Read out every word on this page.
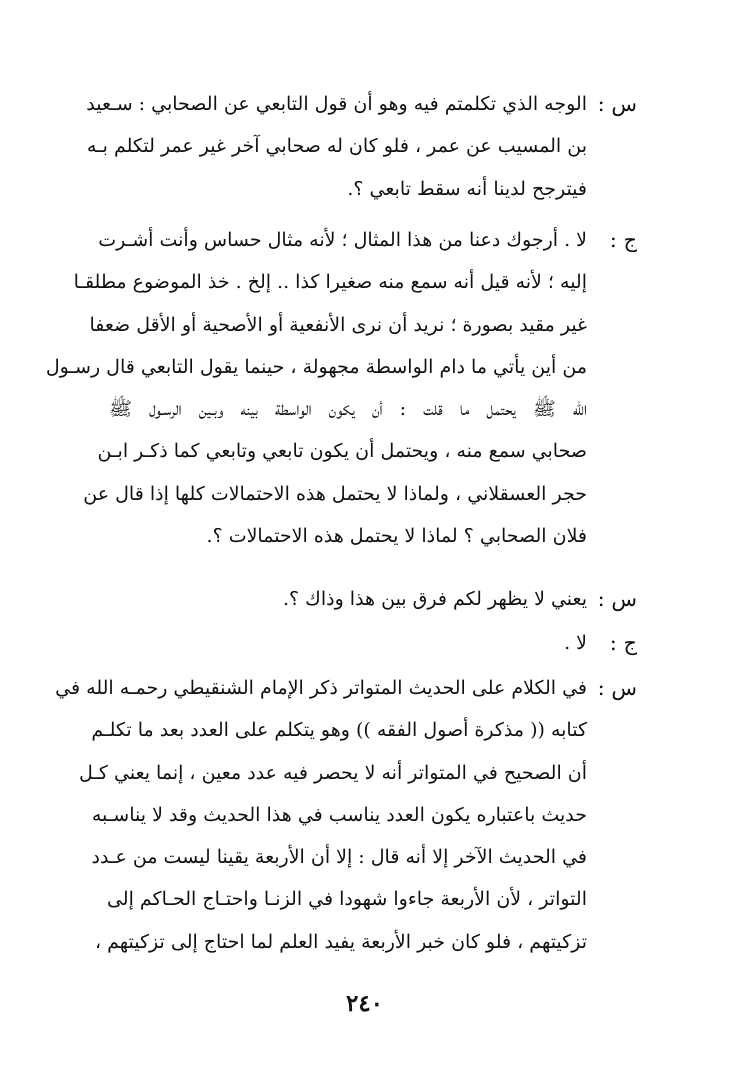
س :
الوجه الذي تكلمتم فيه وهو أن قول التابعي عن الصحابي : سـعيد
بن المسيب عن عمر ، فلو كان له صحابي آخر غير عمر لتكلم بـه
فيترجح لدينا أنه سقط تابعي ؟.
ج :
لا . أرجوك دعنا من هذا المثال ؛ لأنه مثال حساس وأنت أشـرت
إليه ؛ لأنه قيل أنه سمع منه صغيرا كذا .. إلخ . خذ الموضوع مطلقـا
غير مقيد بصورة ؛ نريد أن نرى الأنفعية أو الأصحية أو الأقل ضعفا
من أين يأتي ما دام الواسطة مجهولة ، حينما يقول التابعي قال رسـول
الله ﷺ يحتمل ما قلت : أن يكون الواسطة بينه وبـين الرسـول ﷺ
صحابي سمع منه ، ويحتمل أن يكون تابعي وتابعي كما ذكـر ابـن
حجر العسقلاني ، ولماذا لا يحتمل هذه الاحتمالات كلها إذا قال عن
فلان الصحابي ؟ لماذا لا يحتمل هذه الاحتمالات ؟.
س :
يعني لا يظهر لكم فرق بين هذا وذاك ؟.
ج :
لا .
س :
في الكلام على الحديث المتواتر ذكر الإمام الشنقيطي رحمـه الله في
كتابه (( مذكرة أصول الفقه )) وهو يتكلم على العدد بعد ما تكلـم
أن الصحيح في المتواتر أنه لا يحصر فيه عدد معين ، إنما يعني كـل
حديث باعتباره يكون العدد يناسب في هذا الحديث وقد لا يناسـبه
في الحديث الآخر إلا أنه قال : إلا أن الأربعة يقينا ليست من عـدد
التواتر ، لأن الأربعة جاءوا شهودا في الزنـا واحتـاج الحـاكم إلى
تزكيتهم ، فلو كان خبر الأربعة يفيد العلم لما احتاج إلى تزكيتهم ،
٢٤٠
